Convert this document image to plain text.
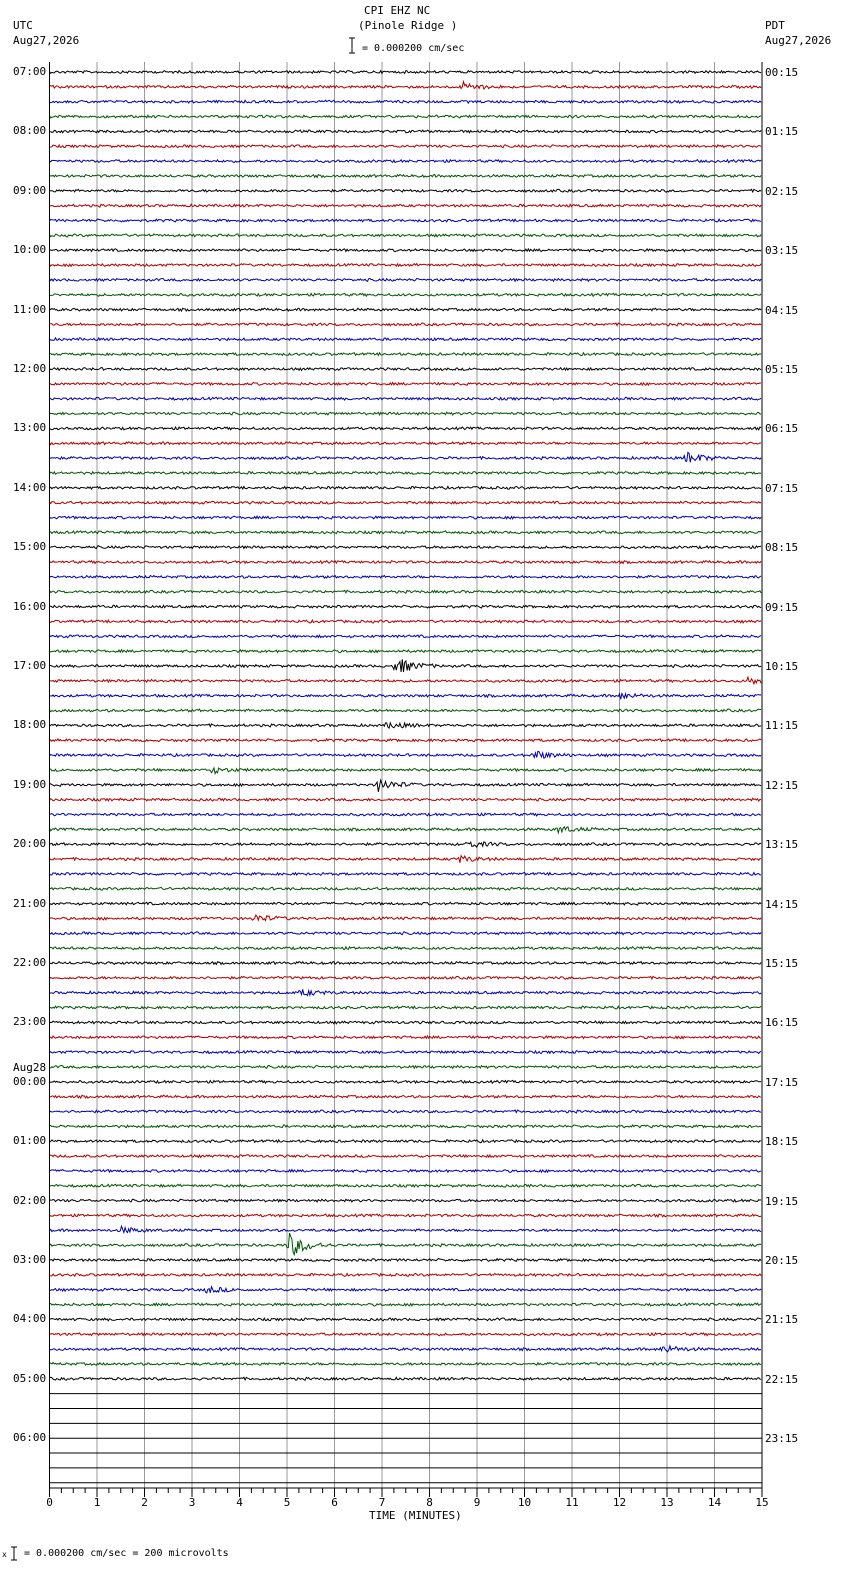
CPI EHZ NC
(Pinole Ridge )
= 0.000200 cm/sec
UTC
Aug27,2026
PDT
Aug27,2026
07:00
08:00
09:00
10:00
11:00
12:00
13:00
14:00
15:00
16:00
17:00
18:00
19:00
20:00
21:00
22:00
23:00
00:00
Aug28
01:00
02:00
03:00
04:00
05:00
06:00
00:15
01:15
02:15
03:15
04:15
05:15
06:15
07:15
08:15
09:15
10:15
11:15
12:15
13:15
14:15
15:15
16:15
17:15
18:15
19:15
20:15
21:15
22:15
23:15
0	1	2	3	4	5	6	7	8	9	10	11	12	13	14	15
TIME (MINUTES)
x = 0.000200 cm/sec = 200 microvolts
